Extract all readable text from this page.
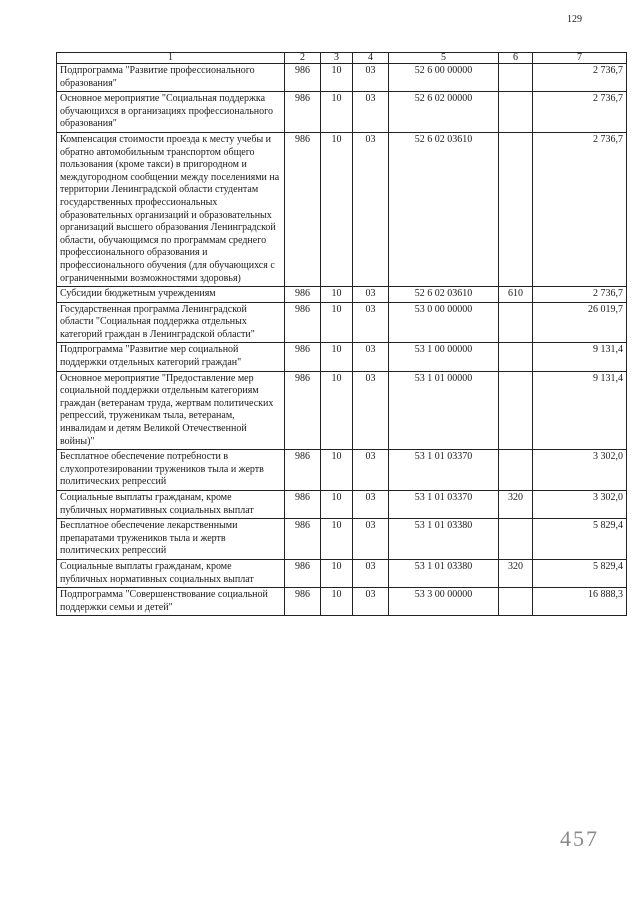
129
1	2	3	4	5	6	7
Подпрограмма "Развитие профессионального образования"	986	10	03	52 6 00 00000		2 736,7
Основное мероприятие "Социальная поддержка обучающихся в организациях профессионального образования"	986	10	03	52 6 02 00000		2 736,7
Компенсация стоимости проезда к месту учебы и обратно автомобильным транспортом общего пользования (кроме такси) в пригородном и междугородном сообщении между поселениями на территории Ленинградской области студентам государственных профессиональных образовательных организаций и образовательных организаций высшего образования Ленинградской области, обучающимся по программам среднего профессионального образования и профессионального обучения (для обучающихся с ограниченными возможностями здоровья)	986	10	03	52 6 02 03610		2 736,7
Субсидии бюджетным учреждениям	986	10	03	52 6 02 03610	610	2 736,7
Государственная программа Ленинградской области "Социальная поддержка отдельных категорий граждан в Ленинградской области"	986	10	03	53 0 00 00000		26 019,7
Подпрограмма "Развитие мер социальной поддержки отдельных категорий граждан"	986	10	03	53 1 00 00000		9 131,4
Основное мероприятие "Предоставление мер социальной поддержки отдельным категориям граждан (ветеранам труда, жертвам политических репрессий, труженикам тыла, ветеранам, инвалидам и детям Великой Отечественной войны)"	986	10	03	53 1 01 00000		9 131,4
Бесплатное обеспечение потребности в слухопротезировании тружеников тыла и жертв политических репрессий	986	10	03	53 1 01 03370		3 302,0
Социальные выплаты гражданам, кроме публичных нормативных социальных выплат	986	10	03	53 1 01 03370	320	3 302,0
Бесплатное обеспечение лекарственными препаратами тружеников тыла и жертв политических репрессий	986	10	03	53 1 01 03380		5 829,4
Социальные выплаты гражданам, кроме публичных нормативных социальных выплат	986	10	03	53 1 01 03380	320	5 829,4
Подпрограмма "Совершенствование социальной поддержки семьи и детей"	986	10	03	53 3 00 00000		16 888,3
457
